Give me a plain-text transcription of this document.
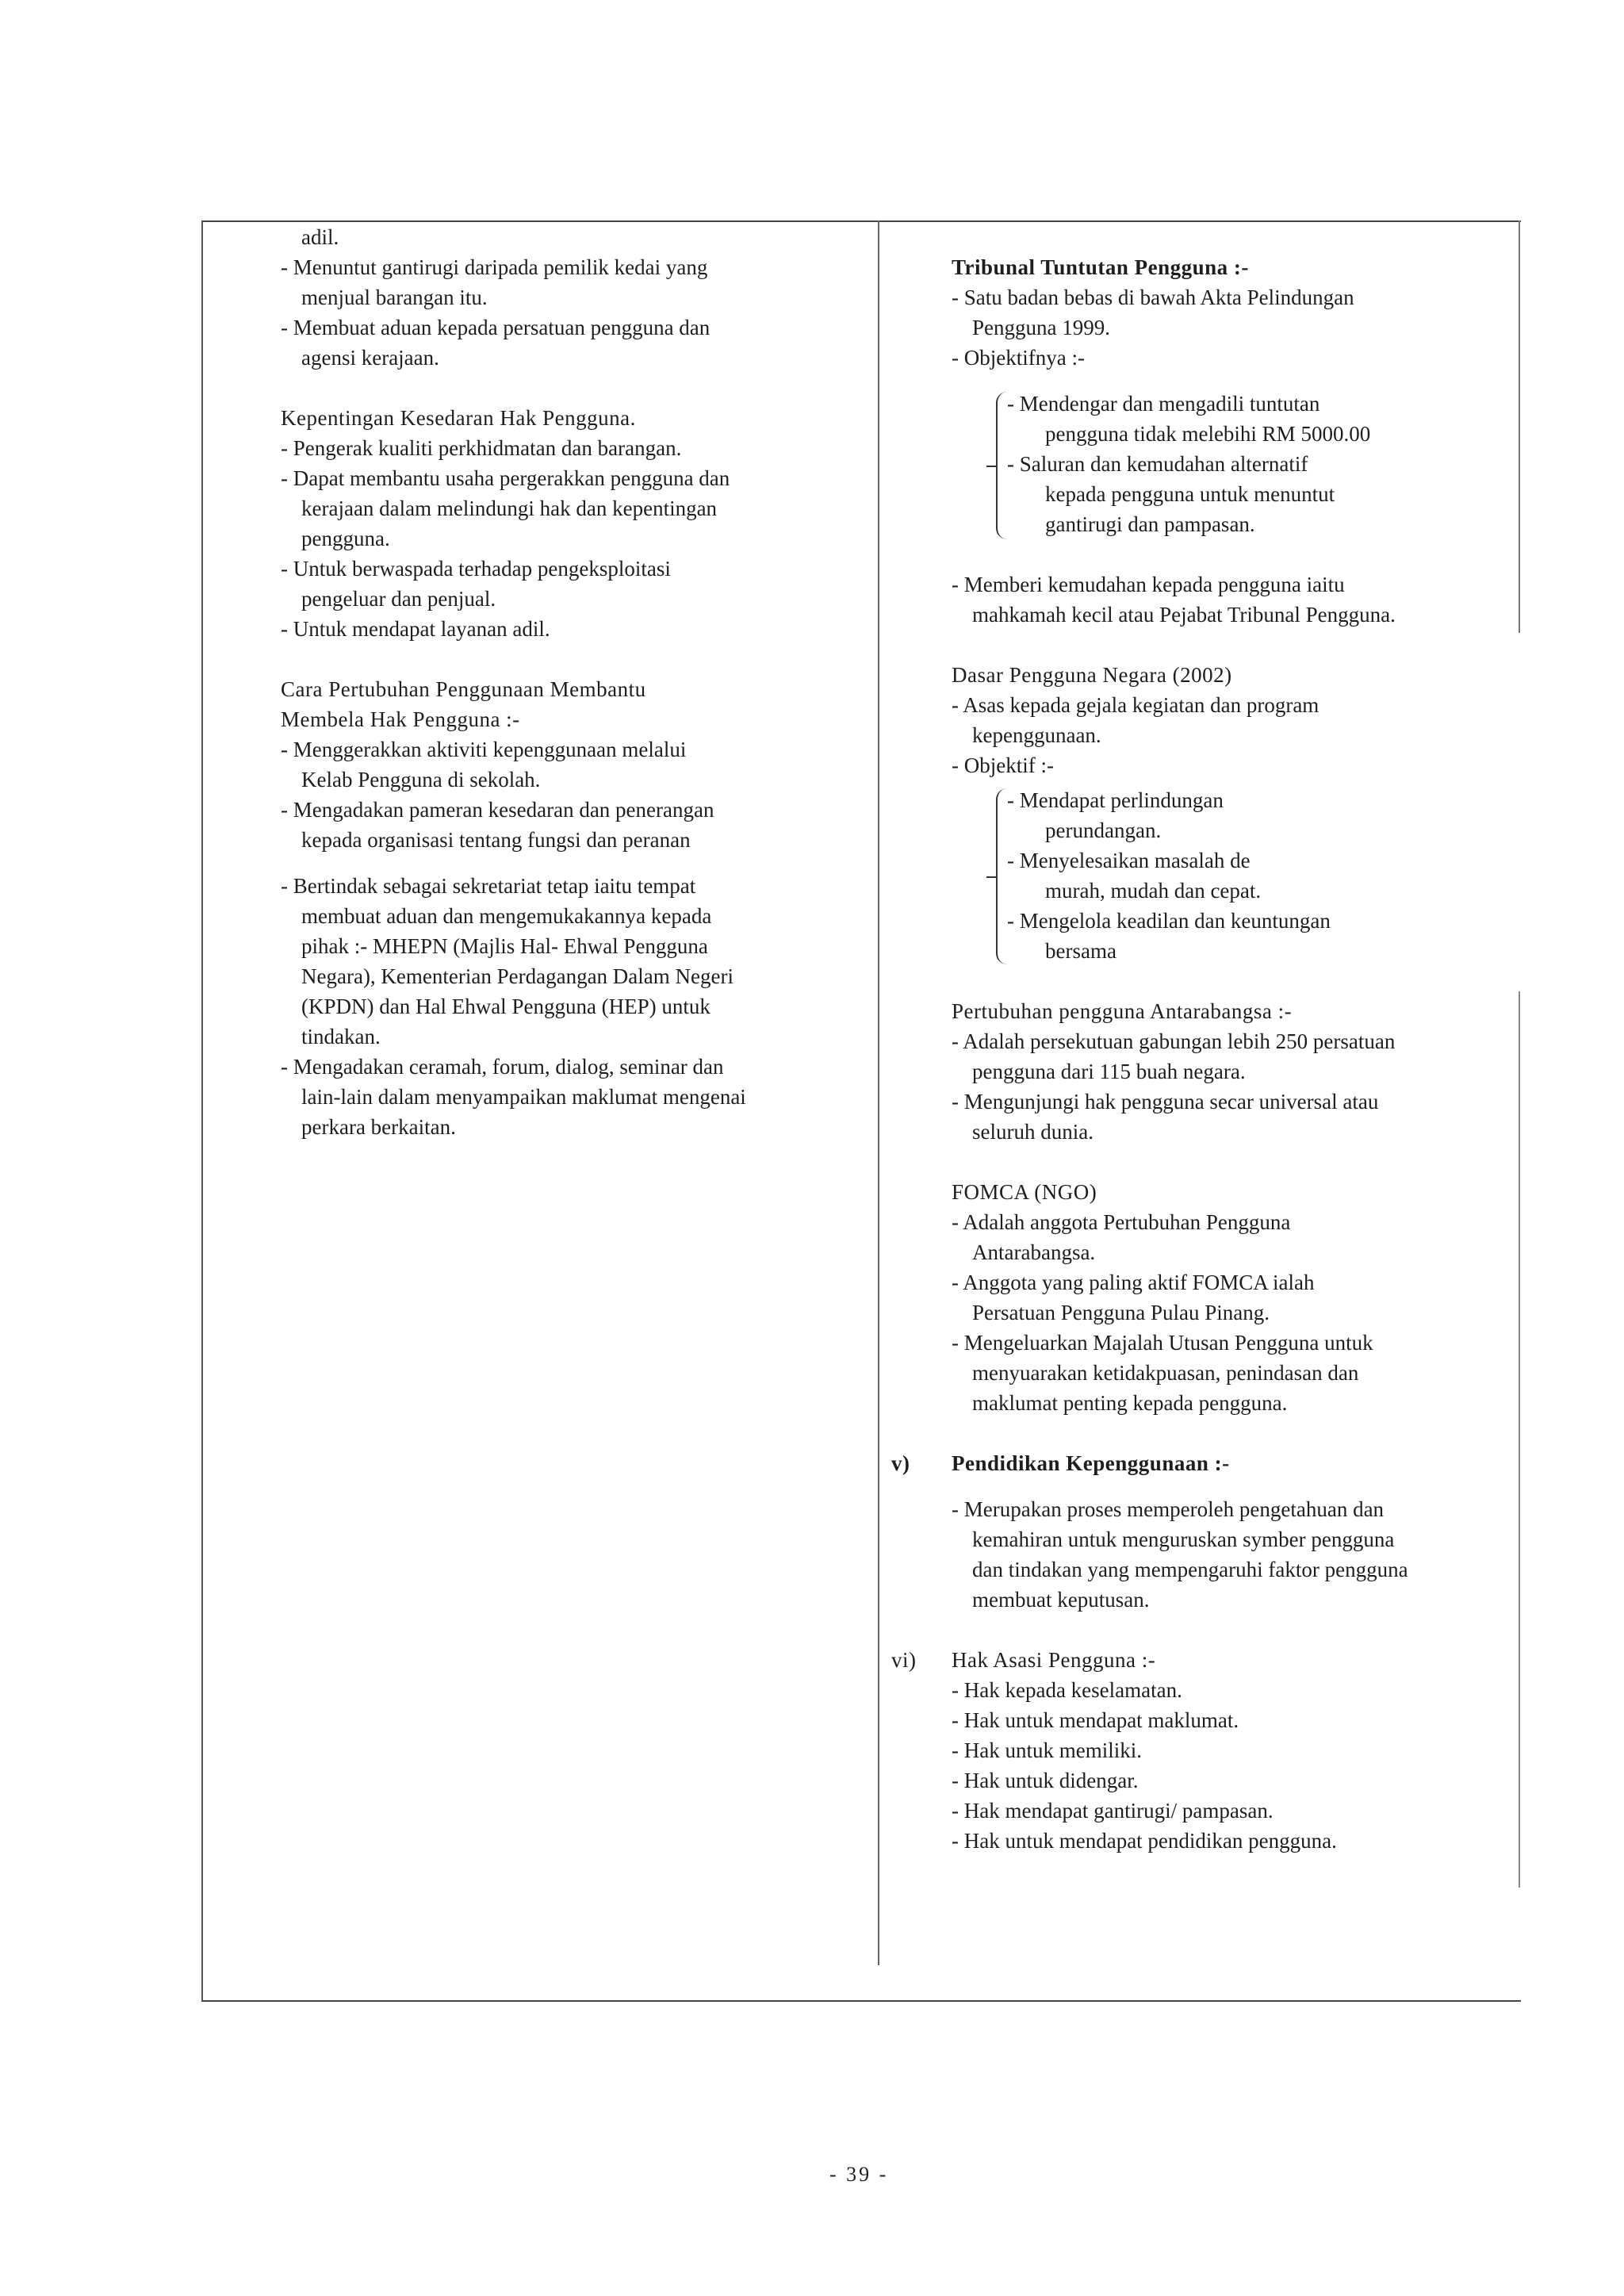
adil.
- Menuntut gantirugi daripada pemilik kedai yang
menjual barangan itu.
- Membuat aduan kepada persatuan pengguna dan
agensi kerajaan.
Kepentingan Kesedaran Hak Pengguna.
- Pengerak kualiti perkhidmatan dan barangan.
- Dapat membantu usaha pergerakkan pengguna dan
kerajaan dalam melindungi hak dan kepentingan
pengguna.
- Untuk berwaspada terhadap pengeksploitasi
pengeluar dan penjual.
- Untuk mendapat layanan adil.
Cara Pertubuhan Penggunaan Membantu
Membela Hak Pengguna :-
- Menggerakkan aktiviti kepenggunaan melalui
Kelab Pengguna di sekolah.
- Mengadakan pameran kesedaran dan penerangan
kepada organisasi tentang fungsi dan peranan
- Bertindak sebagai sekretariat tetap iaitu tempat
membuat aduan dan mengemukakannya kepada
pihak :- MHEPN (Majlis Hal- Ehwal Pengguna
Negara), Kementerian Perdagangan Dalam Negeri
(KPDN) dan Hal Ehwal Pengguna (HEP) untuk
tindakan.
- Mengadakan ceramah, forum, dialog, seminar dan
lain-lain dalam menyampaikan maklumat mengenai
perkara berkaitan.
Tribunal Tuntutan Pengguna :-
- Satu badan bebas di bawah Akta Pelindungan
Pengguna 1999.
- Objektifnya :-
- Mendengar dan mengadili tuntutan
pengguna tidak melebihi RM 5000.00
- Saluran dan kemudahan alternatif
kepada pengguna untuk menuntut
gantirugi dan pampasan.
- Memberi kemudahan kepada pengguna iaitu
mahkamah kecil atau Pejabat Tribunal Pengguna.
Dasar Pengguna Negara (2002)
- Asas kepada gejala kegiatan dan program
kepenggunaan.
- Objektif :-
- Mendapat perlindungan
perundangan.
- Menyelesaikan masalah de
murah, mudah dan cepat.
- Mengelola keadilan dan keuntungan
bersama
Pertubuhan pengguna Antarabangsa :-
- Adalah persekutuan gabungan lebih 250 persatuan
pengguna dari 115 buah negara.
- Mengunjungi hak pengguna secar universal atau
seluruh dunia.
FOMCA (NGO)
- Adalah anggota Pertubuhan Pengguna
Antarabangsa.
- Anggota yang paling aktif FOMCA ialah
Persatuan Pengguna Pulau Pinang.
- Mengeluarkan Majalah Utusan Pengguna untuk
menyuarakan ketidakpuasan, penindasan dan
maklumat penting kepada pengguna.
v) Pendidikan Kepenggunaan :-
- Merupakan proses memperoleh pengetahuan dan
kemahiran untuk menguruskan symber pengguna
dan tindakan yang mempengaruhi faktor pengguna
membuat keputusan.
vi) Hak Asasi Pengguna :-
- Hak kepada keselamatan.
- Hak untuk mendapat maklumat.
- Hak untuk memiliki.
- Hak untuk didengar.
- Hak mendapat gantirugi/ pampasan.
- Hak untuk mendapat pendidikan pengguna.
- 39 -
